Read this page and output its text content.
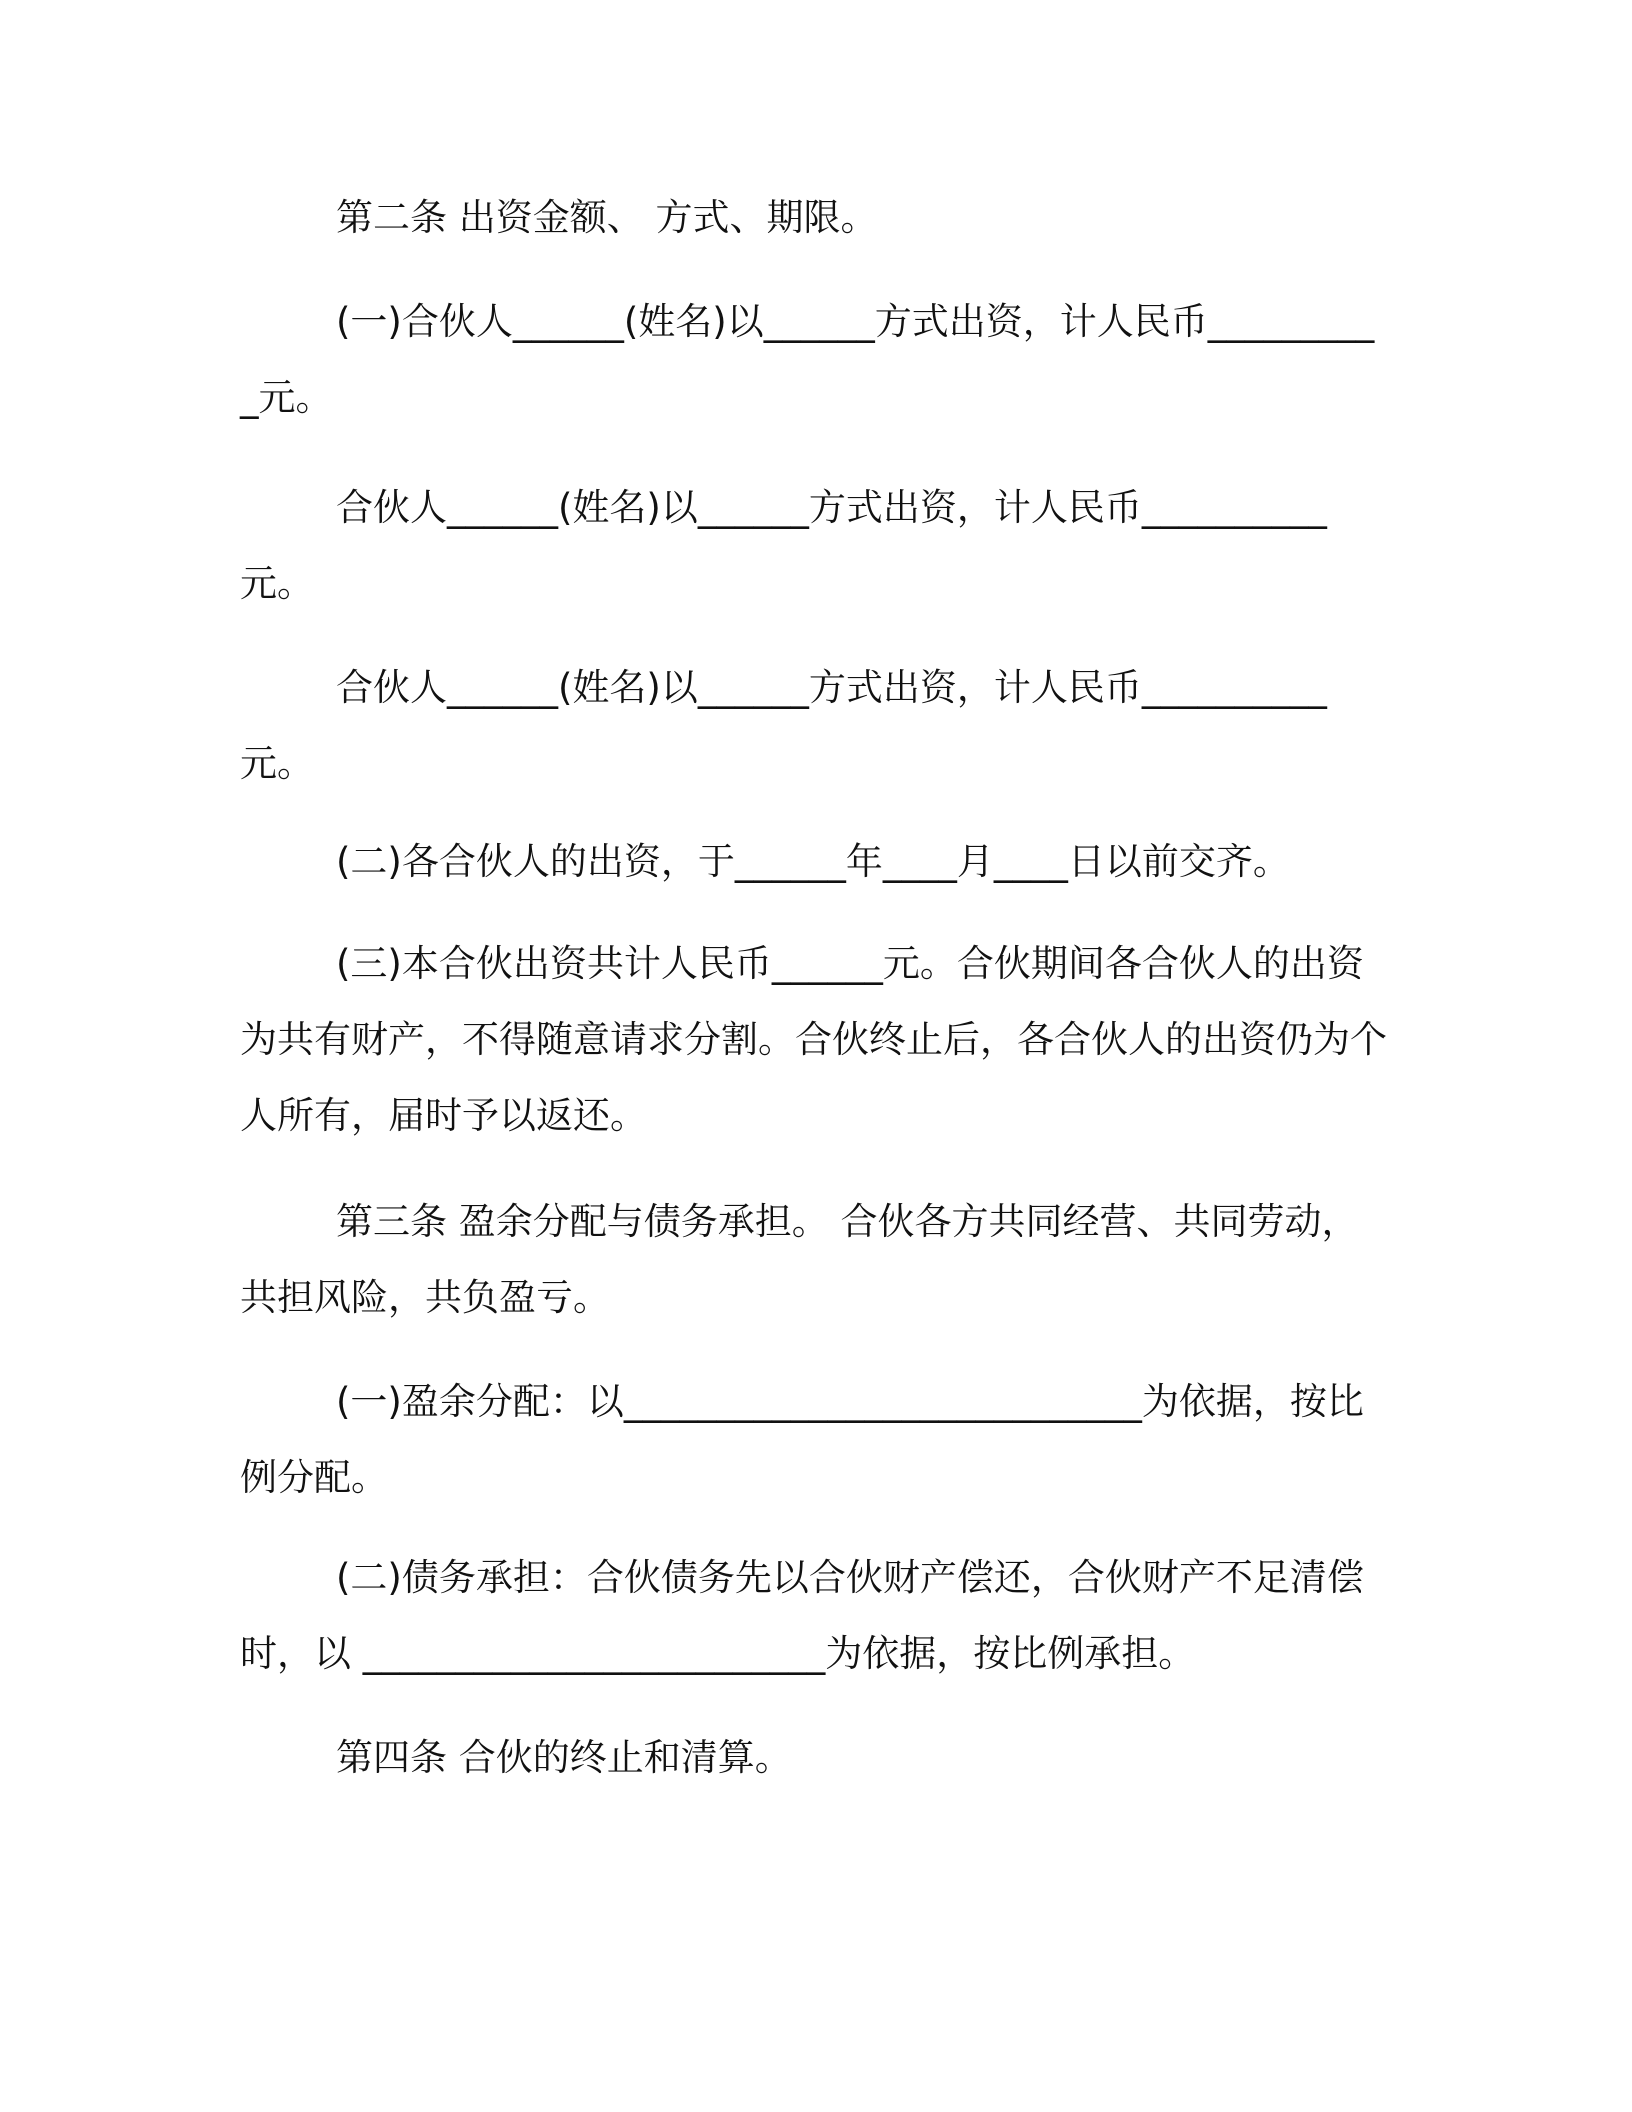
第二条 出资金额、 方式、期限。

(一)合伙人______(姓名)以______方式出资，计人民币__________元。

合伙人______(姓名)以______方式出资，计人民币__________元。

合伙人______(姓名)以______方式出资，计人民币__________元。

(二)各合伙人的出资，于______年____月____日以前交齐。

(三)本合伙出资共计人民币______元。合伙期间各合伙人的出资为共有财产，不得随意请求分割。合伙终止后，各合伙人的出资仍为个人所有，届时予以返还。

第三条 盈余分配与债务承担。 合伙各方共同经营、共同劳动，共担风险，共负盈亏。

(一)盈余分配：以____________________________为依据，按比例分配。

(二)债务承担：合伙债务先以合伙财产偿还，合伙财产不足清偿时，以 _________________________为依据，按比例承担。

第四条 合伙的终止和清算。
